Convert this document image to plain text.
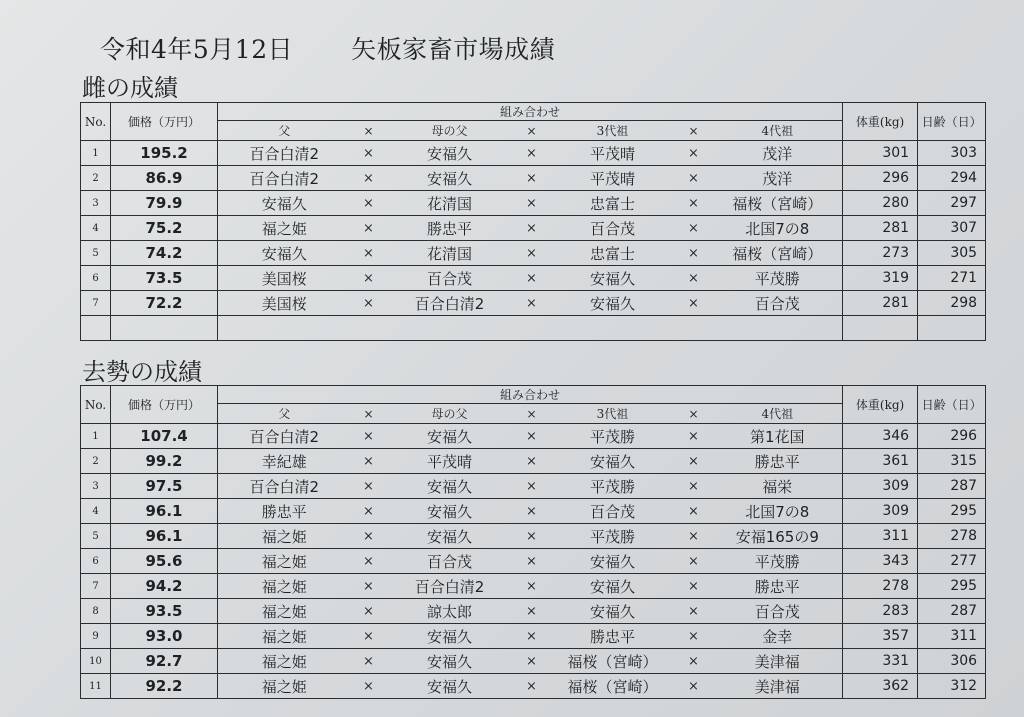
令和4年5月12日 矢板家畜市場成績
雌の成績
No.	価格（万円）	組み合わせ							体重(kg)	日齢（日）
		父	×	母の父	×	3代祖	×	4代祖		
1	195.2	百合白清2	×	安福久	×	平茂晴	×	茂洋	301	303
2	86.9	百合白清2	×	安福久	×	平茂晴	×	茂洋	296	294
3	79.9	安福久	×	花清国	×	忠富士	×	福桜（宮崎）	280	297
4	75.2	福之姫	×	勝忠平	×	百合茂	×	北国7の8	281	307
5	74.2	安福久	×	花清国	×	忠富士	×	福桜（宮崎）	273	305
6	73.5	美国桜	×	百合茂	×	安福久	×	平茂勝	319	271
7	72.2	美国桜	×	百合白清2	×	安福久	×	百合茂	281	298

去勢の成績
No.	価格（万円）	組み合わせ							体重(kg)	日齢（日）
		父	×	母の父	×	3代祖	×	4代祖		
1	107.4	百合白清2	×	安福久	×	平茂勝	×	第1花国	346	296
2	99.2	幸紀雄	×	平茂晴	×	安福久	×	勝忠平	361	315
3	97.5	百合白清2	×	安福久	×	平茂勝	×	福栄	309	287
4	96.1	勝忠平	×	安福久	×	百合茂	×	北国7の8	309	295
5	96.1	福之姫	×	安福久	×	平茂勝	×	安福165の9	311	278
6	95.6	福之姫	×	百合茂	×	安福久	×	平茂勝	343	277
7	94.2	福之姫	×	百合白清2	×	安福久	×	勝忠平	278	295
8	93.5	福之姫	×	諒太郎	×	安福久	×	百合茂	283	287
9	93.0	福之姫	×	安福久	×	勝忠平	×	金幸	357	311
10	92.7	福之姫	×	安福久	×	福桜（宮崎）	×	美津福	331	306
11	92.2	福之姫	×	安福久	×	福桜（宮崎）	×	美津福	362	312
